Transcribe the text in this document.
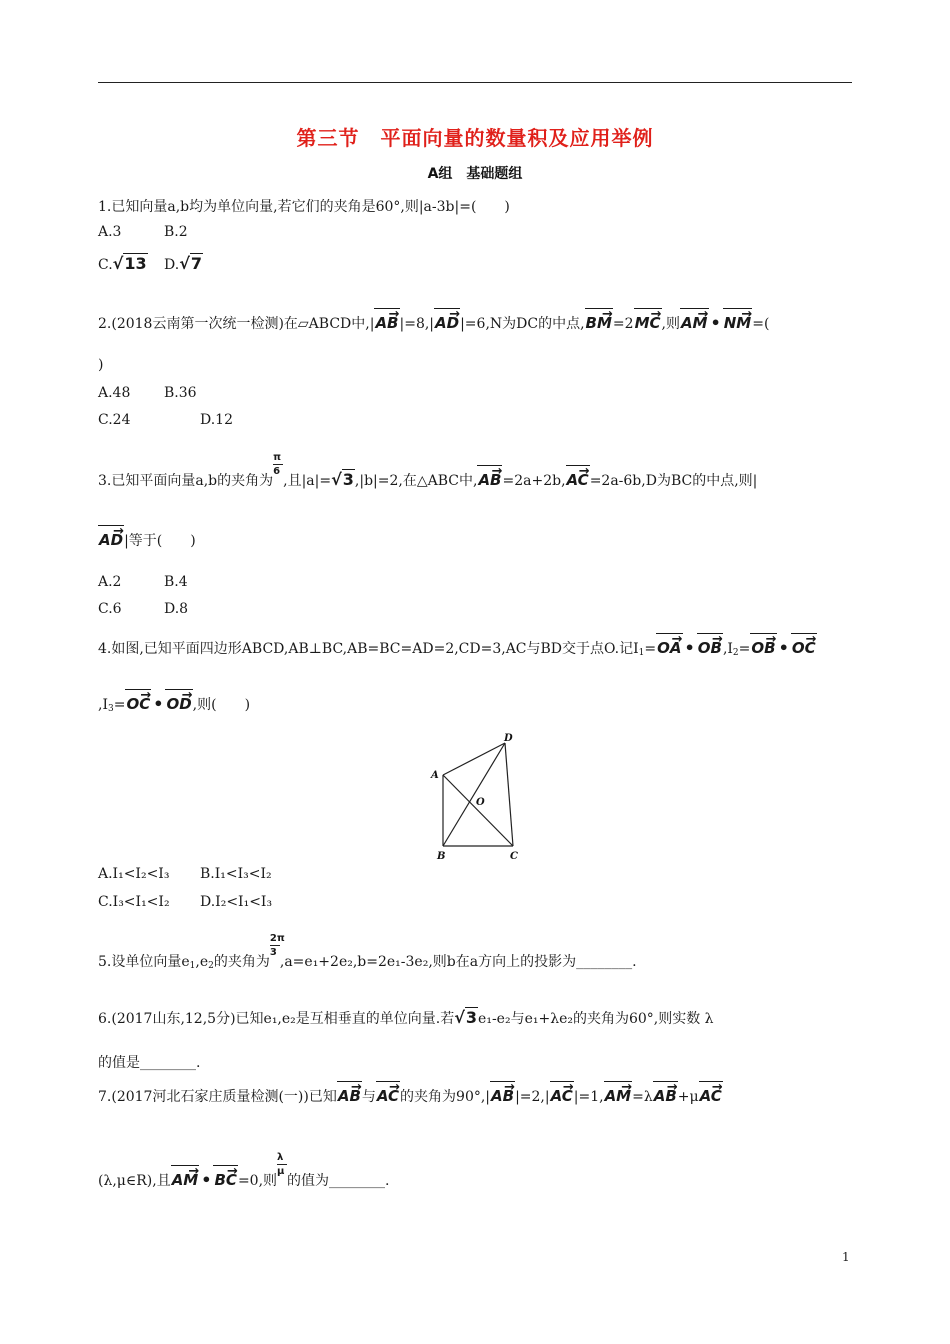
第三节　平面向量的数量积及应用举例
A组　基础题组
1.已知向量a,b均为单位向量,若它们的夹角是60°,则|a-3b|=(　　)
A.3	B.2
C.√13 D.√7
2.(2018云南第一次统一检测)在▱ABCD中,|AB →|=8,|AD →|=6,N为DC的中点,BM →=2MC →,则AM → • NM →=(
)
A.48 B.36
C.24	D.12
3.已知平面向量a,b的夹角为 $\frac{\pi}{6}$ ,且|a|=√3,|b|=2,在△ABC中,AB →=2a+2b,AC →=2a-6b,D为BC的中点,则|
AD →|等于(　　)
A.2	B.4
C.6	D.8
4.如图,已知平面四边形ABCD,AB⊥BC,AB=BC=AD=2,CD=3,AC与BD交于点O.记$I_1=OA$ → • OB $\to,I_2=OB$ → • OC →
$,I_3=OC$ → • OD →,则(　　)
A
B	C
D
O
A.I₁<I₂<I₃ B.I₁<I₃<I₂
C.I₃<I₁<I₂ D.I₂<I₁<I₃
5.设单位向量$e_1,e_2$的夹角为 $\frac{2\pi}{3} ,a=e_1+2e_2,b=2e_1-3e_2$,则b在a方向上的投影为________.
6.(2017山东,12,5分)已知e₁,e₂是互相垂直的单位向量.若√3e₁-e₂与e₁+λe₂的夹角为60°,则实数 λ
的值是________.
7.(2017河北石家庄质量检测(一))已知AB →与AC →的夹角为90°,|AB →|=2,|AC →|=1,AM →=λAB →+μAC →
(λ,μ∈R),且AM → • BC →=0,则 $\frac{\lambda}{\mu}$ 的值为________.
1
